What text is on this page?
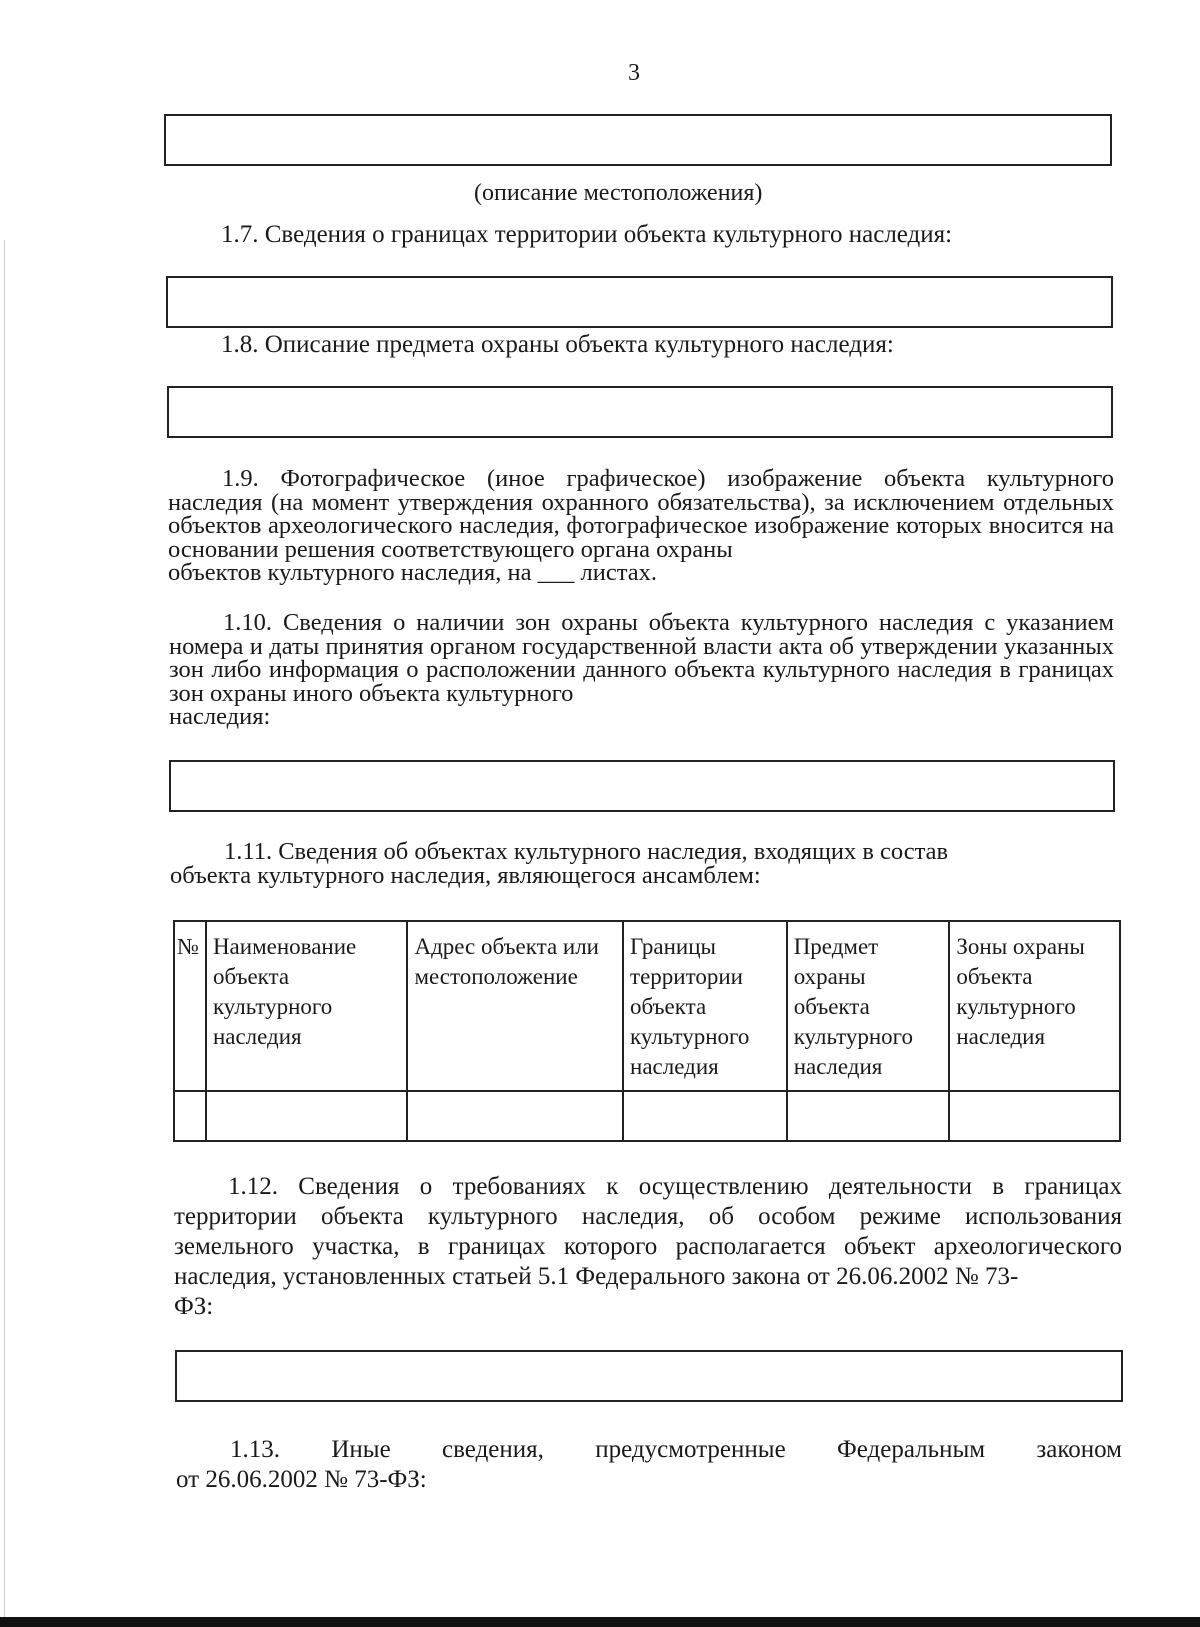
3
(описание местоположения)
1.7. Сведения о границах территории объекта культурного наследия:
1.8. Описание предмета охраны объекта культурного наследия:
1.9. Фотографическое (иное графическое) изображение объекта культурного наследия (на момент утверждения охранного обязательства), за исключением отдельных объектов археологического наследия, фотографическое изображение которых вносится на основании решения соответствующего органа охраны
объектов культурного наследия, на ___ листах.
1.10. Сведения о наличии зон охраны объекта культурного наследия с указанием номера и даты принятия органом государственной власти акта об утверждении указанных зон либо информация о расположении данного объекта культурного наследия в границах зон охраны иного объекта культурного
наследия:
1.11. Сведения об объектах культурного наследия, входящих в состав
объекта культурного наследия, являющегося ансамблем:
№	Наименование объекта культурного наследия	Адрес объекта или местоположение	Границы территории объекта культурного наследия	Предмет охраны объекта культурного наследия	Зоны охраны объекта культурного наследия

1.12. Сведения о требованиях к осуществлению деятельности в границах территории объекта культурного наследия, об особом режиме использования земельного участка, в границах которого располагается объект археологического наследия, установленных статьей 5.1 Федерального закона от 26.06.2002 № 73-
ФЗ:
1.13. Иные сведения, предусмотренные Федеральным законом
от 26.06.2002 № 73-ФЗ:
